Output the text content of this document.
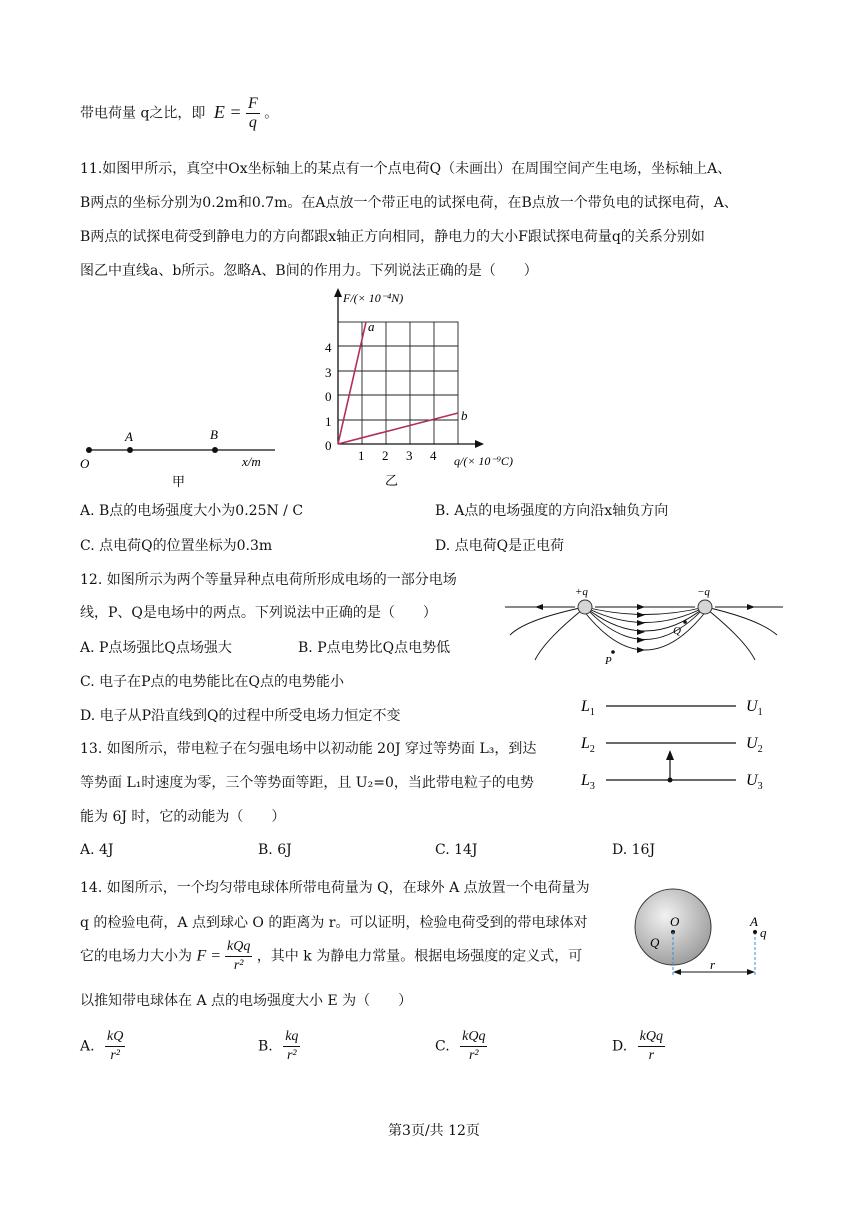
带电荷量 q之比，即 $E = \frac{F}{q}$ 。
11.如图甲所示，真空中Ox坐标轴上的某点有一个点电荷Q（未画出）在周围空间产生电场，坐标轴上A、
B两点的坐标分别为0.2m和0.7m。在A点放一个带正电的试探电荷，在B点放一个带负电的试探电荷，A、
B两点的试探电荷受到静电力的方向都跟x轴正方向相同，静电力的大小F跟试探电荷量q的关系分别如
图乙中直线a、b所示。忽略A、B间的作用力。下列说法正确的是（　　）
O
A	B
x/m
甲
F/(× 10⁻⁴N)
q/(× 10⁻⁹C)
4
3
0
1
0
1 2 3 4
a
b
乙
A. B点的电场强度大小为0.25N / C	B. A点的电场强度的方向沿x轴负方向
C. 点电荷Q的位置坐标为0.3m	D. 点电荷Q是正电荷
12. 如图所示为两个等量异种点电荷所形成电场的一部分电场
线，P、Q是电场中的两点。下列说法中正确的是（　　）
A. P点场强比Q点场强大	B. P点电势比Q点电势低
C. 电子在P点的电势能比在Q点的电势能小
D. 电子从P沿直线到Q的过程中所受电场力恒定不变
+q	−q
Q
P
13. 如图所示，带电粒子在匀强电场中以初动能 20J 穿过等势面 L₃，到达
等势面 L₁时速度为零，三个等势面等距，且 U₂=0，当此带电粒子的电势
能为 6J 时，它的动能为（　　）
$L_1$
$L_2$
$L_3$
$U_1$
$U_2$
$U_3$
A. 4J	B. 6J	C. 14J	D. 16J
14. 如图所示，一个均匀带电球体所带电荷量为 Q，在球外 A 点放置一个电荷量为
q 的检验电荷，A 点到球心 O 的距离为 r。可以证明，检验电荷受到的带电球体对
它的电场力大小为 $F = \frac{\text{kQq}}{\text{r²}}$ ，其中 k 为静电力常量。根据电场强度的定义式，可
以推知带电球体在 A 点的电场强度大小 E 为（　　）
O
Q
A
q
r
A. $\frac{kQ}{\text{r²}}$	B. $\frac{kq}{\text{r²}}$	C. $\frac{\text{kQq}}{\text{r²}}$	D. $\frac{\text{kQq}}{r}$
第3页/共 12页
